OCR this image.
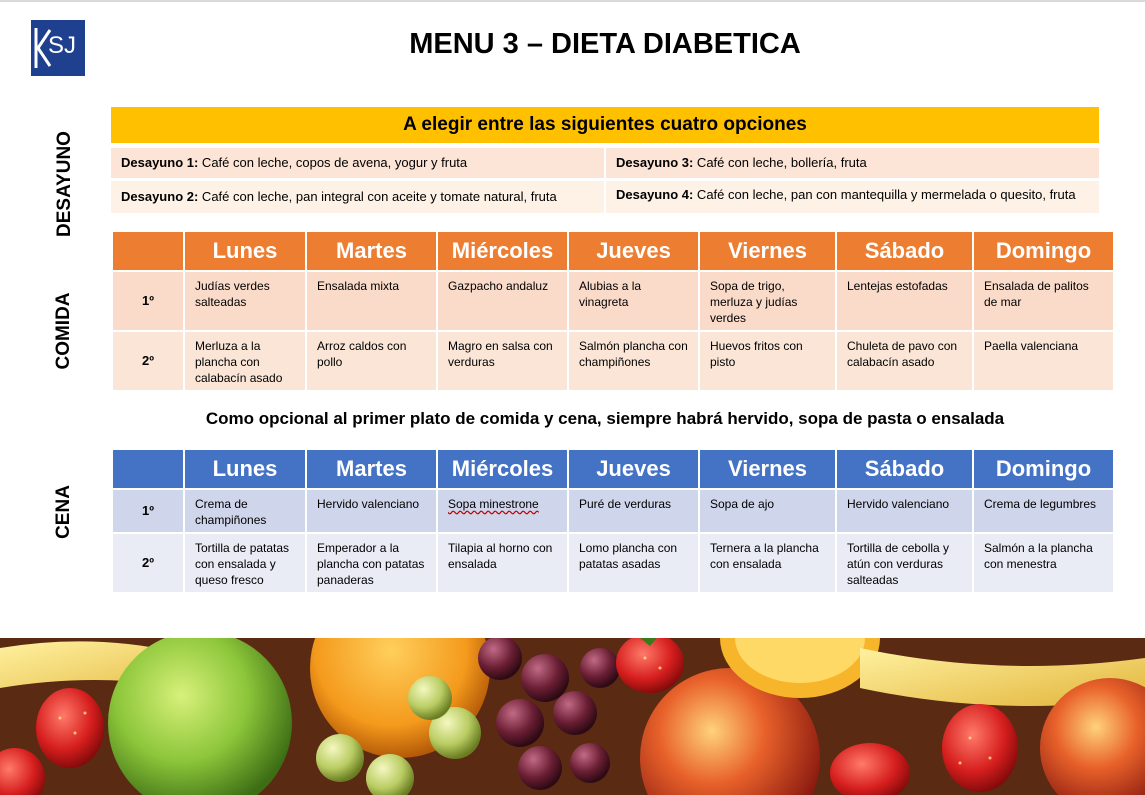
SJ	MENU 3 – DIETA DIABETICA
DESAYUNO
COMIDA
CENA
A elegir entre las siguientes cuatro opciones
Desayuno 1: Café con leche, copos de avena, yogur y fruta
Desayuno 2: Café con leche, pan integral con aceite y tomate natural, fruta
Desayuno 3: Café con leche, bollería, fruta
Desayuno 4: Café con leche, pan con mantequilla y mermelada o quesito, fruta
	Lunes	Martes	Miércoles	Jueves	Viernes	Sábado	Domingo
1º	Judías verdes salteadas	Ensalada mixta	Gazpacho andaluz	Alubias a la vinagreta	Sopa de trigo, merluza y judías verdes	Lentejas estofadas	Ensalada de palitos de mar
2º	Merluza a la plancha con calabacín asado	Arroz caldos con pollo	Magro en salsa con verduras	Salmón plancha con champiñones	Huevos fritos con pisto	Chuleta de pavo con calabacín asado	Paella valenciana
Como opcional al primer plato de comida y cena, siempre habrá hervido, sopa de pasta o ensalada
	Lunes	Martes	Miércoles	Jueves	Viernes	Sábado	Domingo
1º	Crema de champiñones	Hervido valenciano	Sopa minestrone	Puré de verduras	Sopa de ajo	Hervido valenciano	Crema de legumbres
2º	Tortilla de patatas con ensalada y queso fresco	Emperador a la plancha con patatas panaderas	Tilapia al horno con ensalada	Lomo plancha con patatas asadas	Ternera a la plancha con ensalada	Tortilla de cebolla y atún con verduras salteadas	Salmón a la plancha con menestra
